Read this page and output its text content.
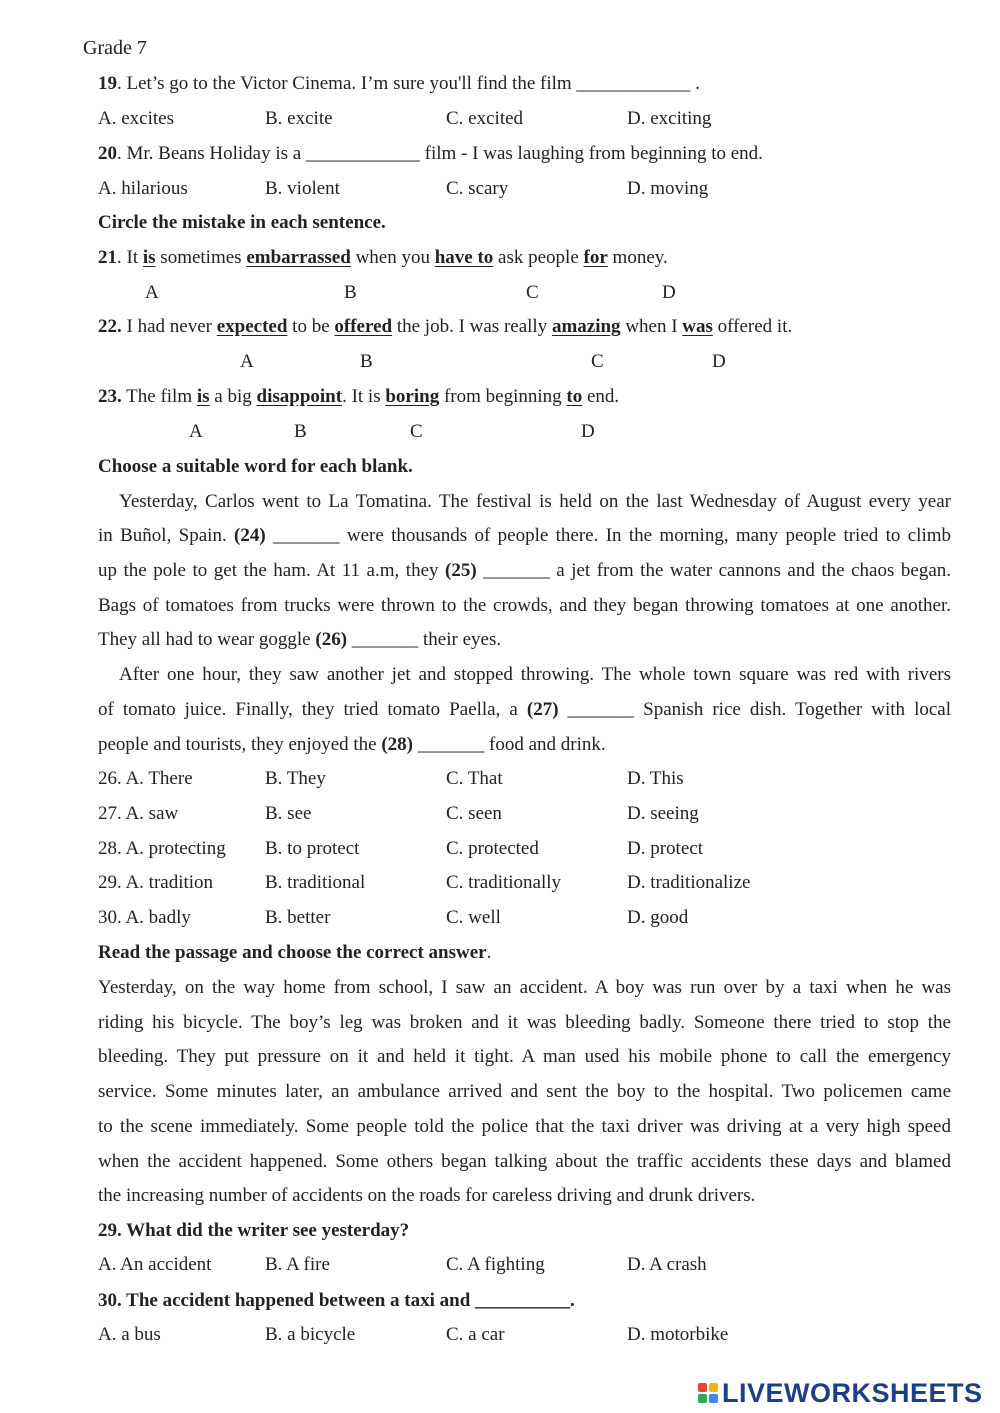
Grade 7
19. Let’s go to the Victor Cinema. I’m sure you'll find the film ____________ .
A. excites	B. excite	C. excited	D. exciting
20. Mr. Beans Holiday is a ____________ film - I was laughing from beginning to end.
A. hilarious	B. violent	C. scary	D. moving
Circle the mistake in each sentence.
21. It is sometimes embarrassed when you have to ask people for money.
A	B	C	D
22. I had never expected to be offered the job. I was really amazing when I was offered it.
A	B	C	D
23. The film is a big disappoint. It is boring from beginning to end.
A	B	C	D
Choose a suitable word for each blank.
Yesterday, Carlos went to La Tomatina. The festival is held on the last Wednesday of August every year
in Buñol, Spain. (24) _______ were thousands of people there. In the morning, many people tried to climb
up the pole to get the ham. At 11 a.m, they (25) _______ a jet from the water cannons and the chaos began.
Bags of tomatoes from trucks were thrown to the crowds, and they began throwing tomatoes at one another.
They all had to wear goggle (26) _______ their eyes.
After one hour, they saw another jet and stopped throwing. The whole town square was red with rivers
of tomato juice. Finally, they tried tomato Paella, a (27) _______ Spanish rice dish. Together with local
people and tourists, they enjoyed the (28) _______ food and drink.
26. A. There	B. They	C. That	D. This
27. A. saw	B. see	C. seen	D. seeing
28. A. protecting B. to protect	C. protected	D. protect
29. A. tradition	B. traditional	C. traditionally	D. traditionalize
30. A. badly	B. better	C. well	D. good
Read the passage and choose the correct answer.
Yesterday, on the way home from school, I saw an accident. A boy was run over by a taxi when he was
riding his bicycle. The boy’s leg was broken and it was bleeding badly. Someone there tried to stop the
bleeding. They put pressure on it and held it tight. A man used his mobile phone to call the emergency
service. Some minutes later, an ambulance arrived and sent the boy to the hospital. Two policemen came
to the scene immediately. Some people told the police that the taxi driver was driving at a very high speed
when the accident happened. Some others began talking about the traffic accidents these days and blamed
the increasing number of accidents on the roads for careless driving and drunk drivers.
29. What did the writer see yesterday?
A. An accident	B. A fire	C. A fighting	D. A crash
30. The accident happened between a taxi and __________.
A. a bus	B. a bicycle	C. a car	D. motorbike
LIVEWORKSHEETS
